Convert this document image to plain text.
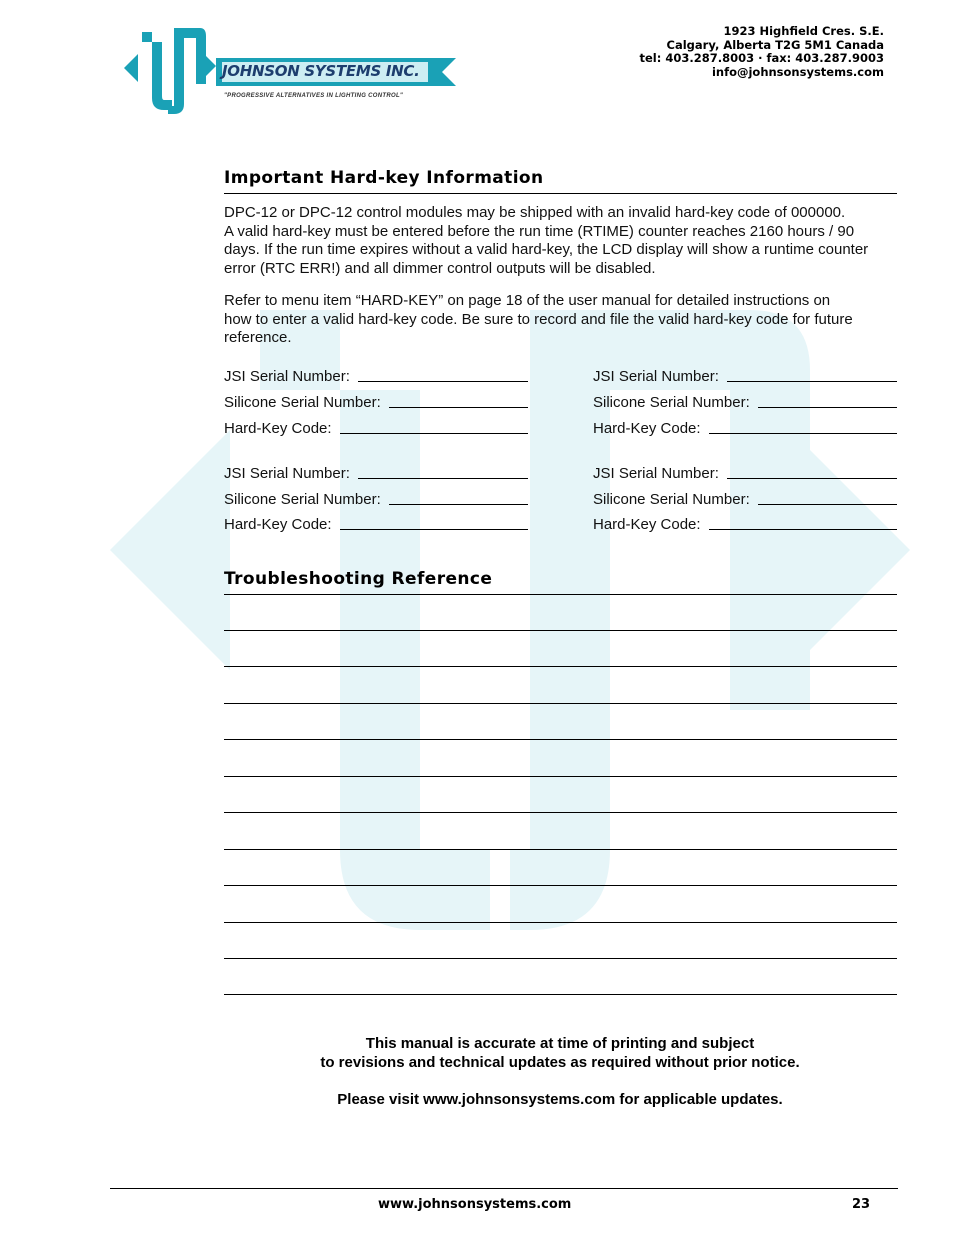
JOHNSON SYSTEMS INC.
"PROGRESSIVE ALTERNATIVES IN LIGHTING CONTROL"
1923 Highfield Cres. S.E.
Calgary, Alberta T2G 5M1 Canada
tel: 403.287.8003 · fax: 403.287.9003
info@johnsonsystems.com
Important Hard-key Information
DPC-12 or DPC-12 control modules may be shipped with an invalid hard-key code of 000000.
A valid hard-key must be entered before the run time (RTIME) counter reaches 2160 hours / 90
days. If the run time expires without a valid hard-key, the LCD display will show a runtime counter
error (RTC ERR!) and all dimmer control outputs will be disabled.
Refer to menu item “HARD-KEY” on page 18 of the user manual for detailed instructions on
how to enter a valid hard-key code. Be sure to record and file the valid hard-key code for future
reference.
JSI Serial Number:
Silicone Serial Number:
Hard-Key Code:
JSI Serial Number:
Silicone Serial Number:
Hard-Key Code:
JSI Serial Number:
Silicone Serial Number:
Hard-Key Code:
JSI Serial Number:
Silicone Serial Number:
Hard-Key Code:
Troubleshooting Reference
This manual is accurate at time of printing and subject
to revisions and technical updates as required without prior notice.
Please visit www.johnsonsystems.com for applicable updates.
www.johnsonsystems.com	23
